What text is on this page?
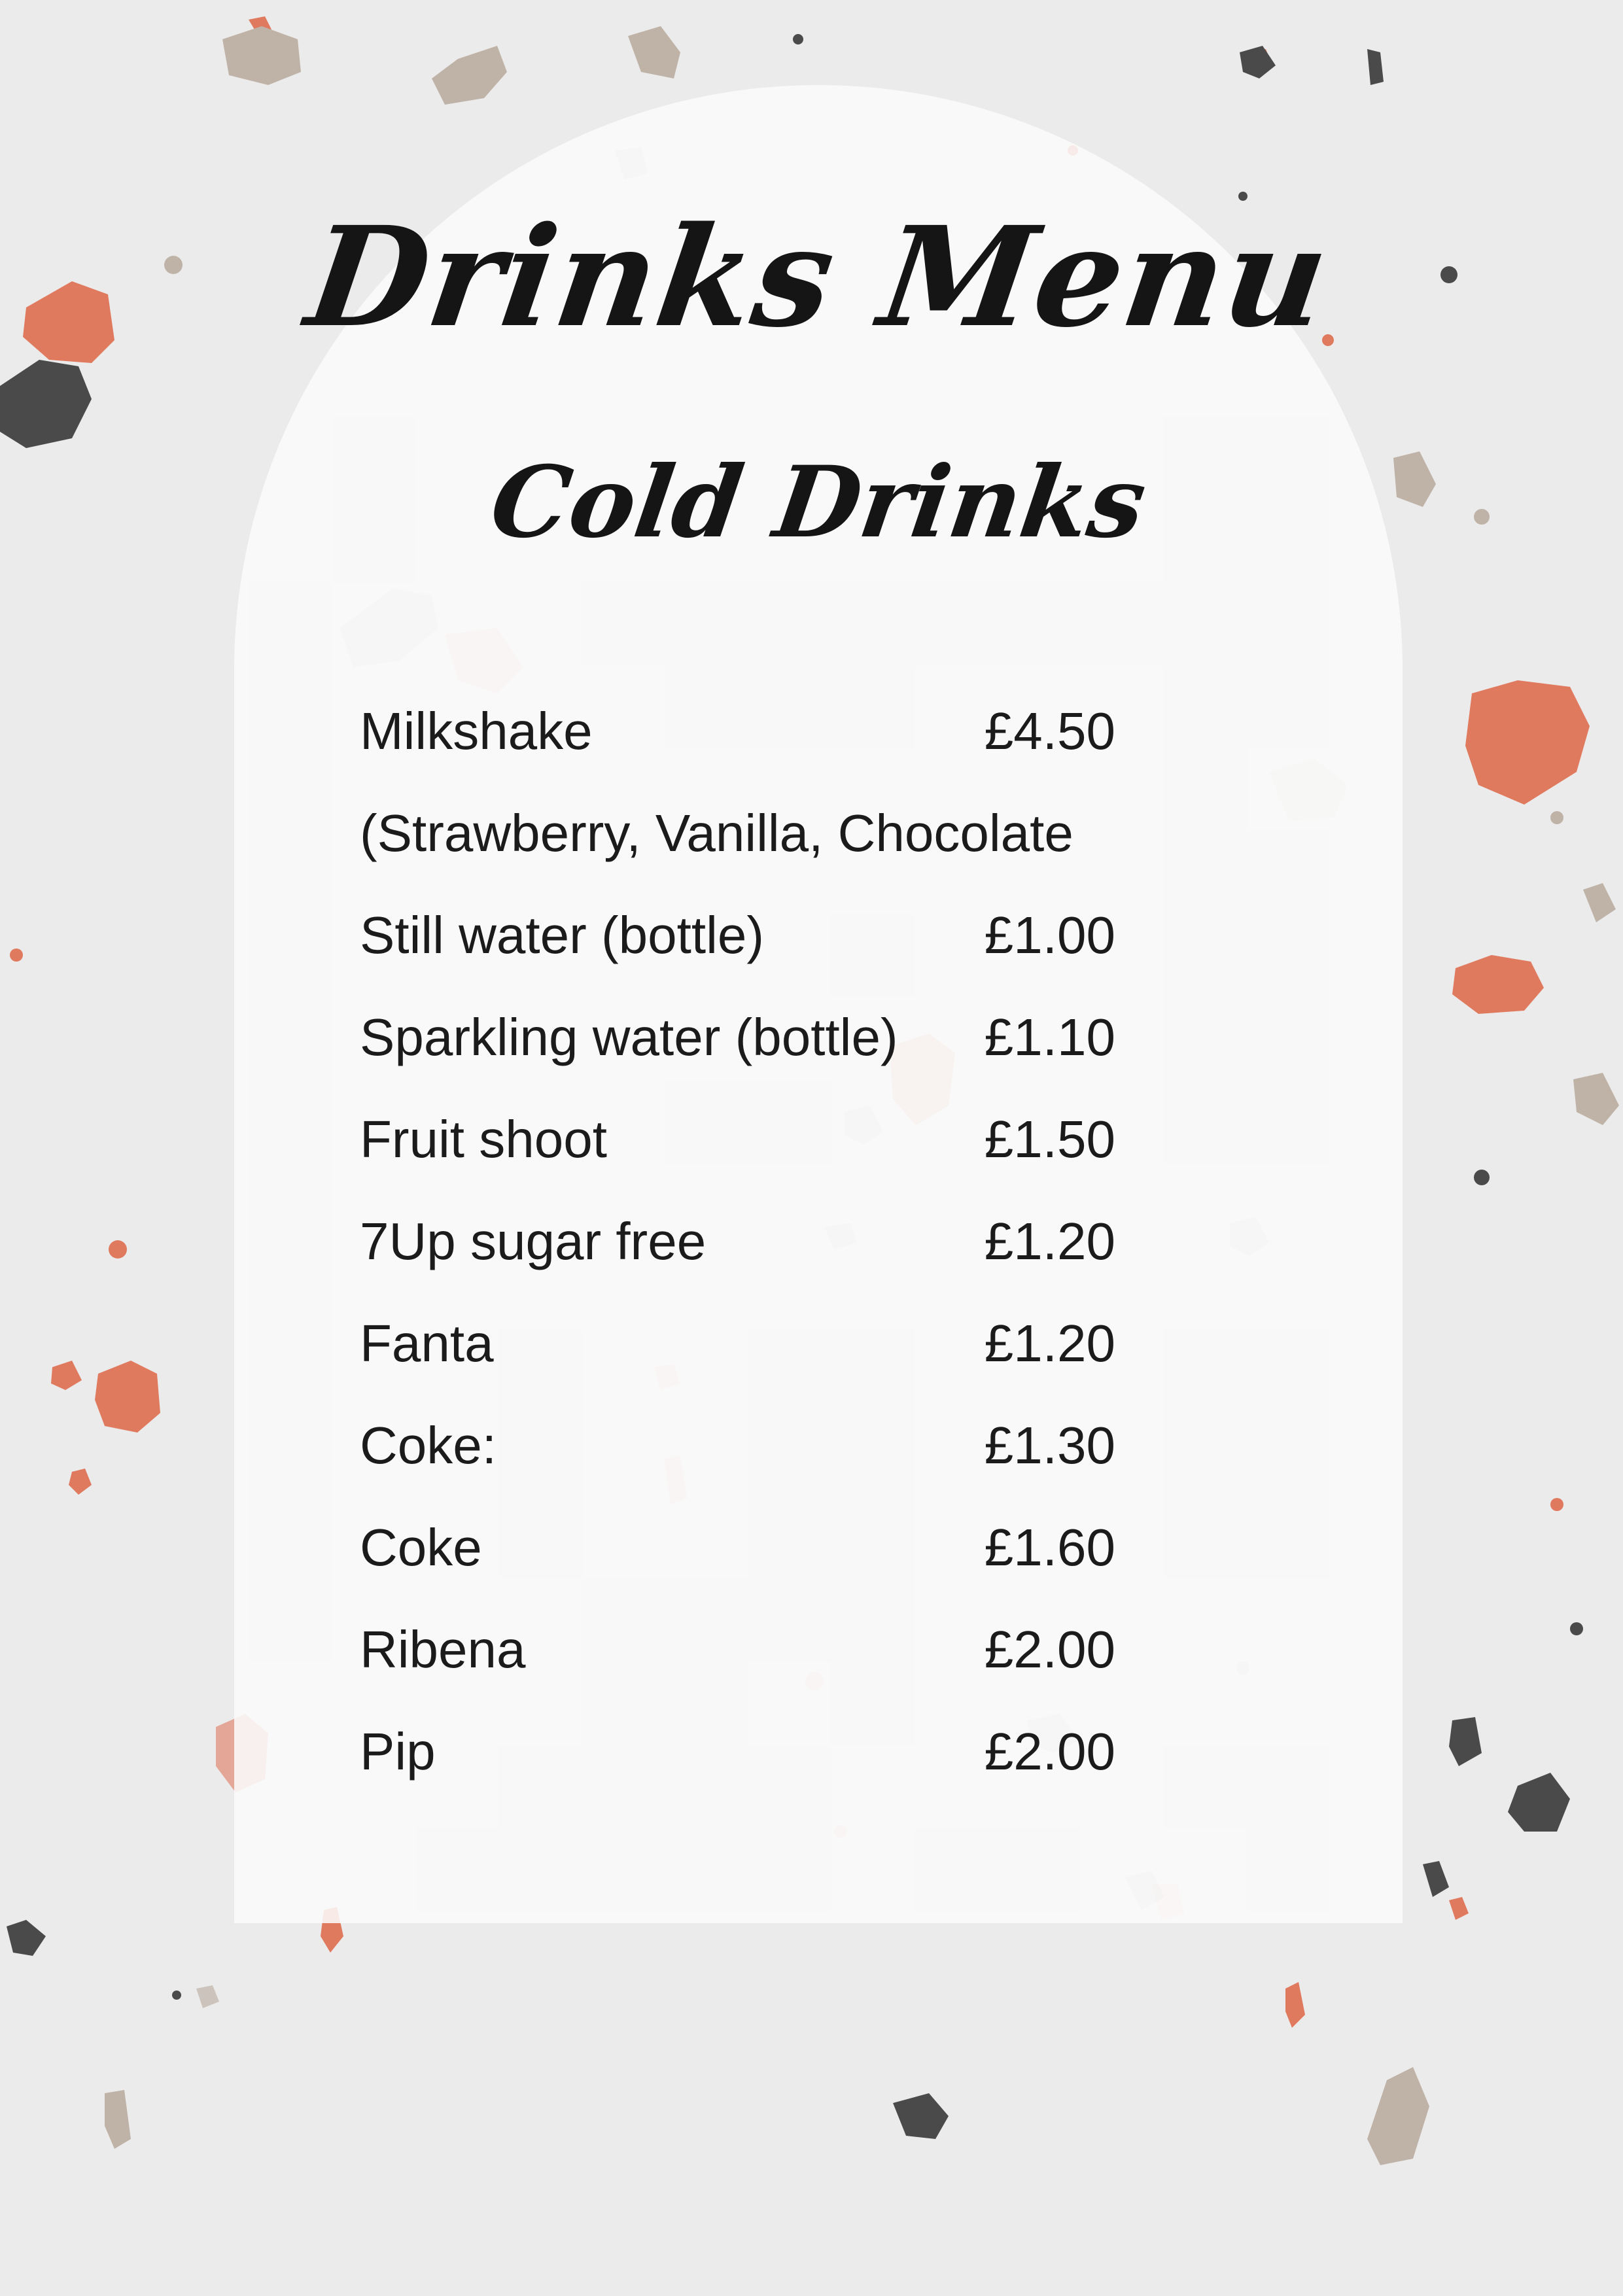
Drinks Menu
Cold Drinks
Milkshake	£4.50
(Strawberry, Vanilla, Chocolate
Still water (bottle)	£1.00
Sparkling water (bottle) £1.10
Fruit shoot	£1.50
7Up sugar free	£1.20
Fanta	£1.20
Coke:	£1.30
Coke	£1.60
Ribena	£2.00
Pip	£2.00
